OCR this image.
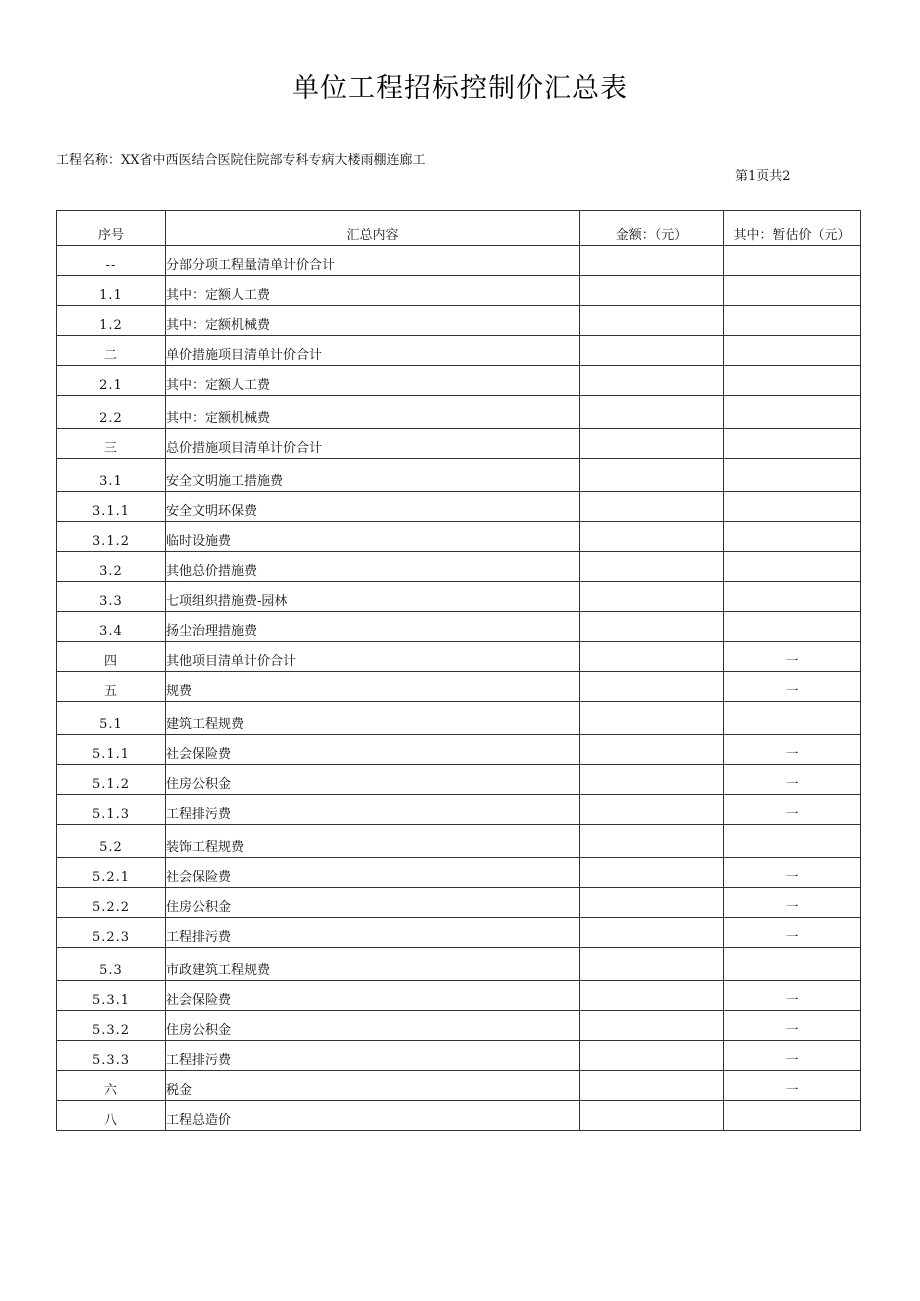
单位工程招标控制价汇总表
工程名称：XX省中西医结合医院住院部专科专病大楼雨棚连廊工
第1页共2
序号	汇总内容	金额：（元）	其中：暂估价（元）
--	分部分项工程量清单计价合计		
1.1	其中：定额人工费		
1.2	其中：定额机械费		
二	单价措施项目清单计价合计		
2.1	其中：定额人工费		
2.2	其中：定额机械费		
三	总价措施项目清单计价合计		
3.1	安全文明施工措施费		
3.1.1	安全文明环保费		
3.1.2	临时设施费		
3.2	其他总价措施费		
3.3	七项组织措施费-园林		
3.4	扬尘治理措施费		
四	其他项目清单计价合计		一
五	规费		一
5.1	建筑工程规费		
5.1.1	社会保险费		一
5.1.2	住房公积金		一
5.1.3	工程排污费		一
5.2	装饰工程规费		
5.2.1	社会保险费		一
5.2.2	住房公积金		一
5.2.3	工程排污费		一
5.3	市政建筑工程规费		
5.3.1	社会保险费		一
5.3.2	住房公积金		一
5.3.3	工程排污费		一
六	税金		一
八	工程总造价		
